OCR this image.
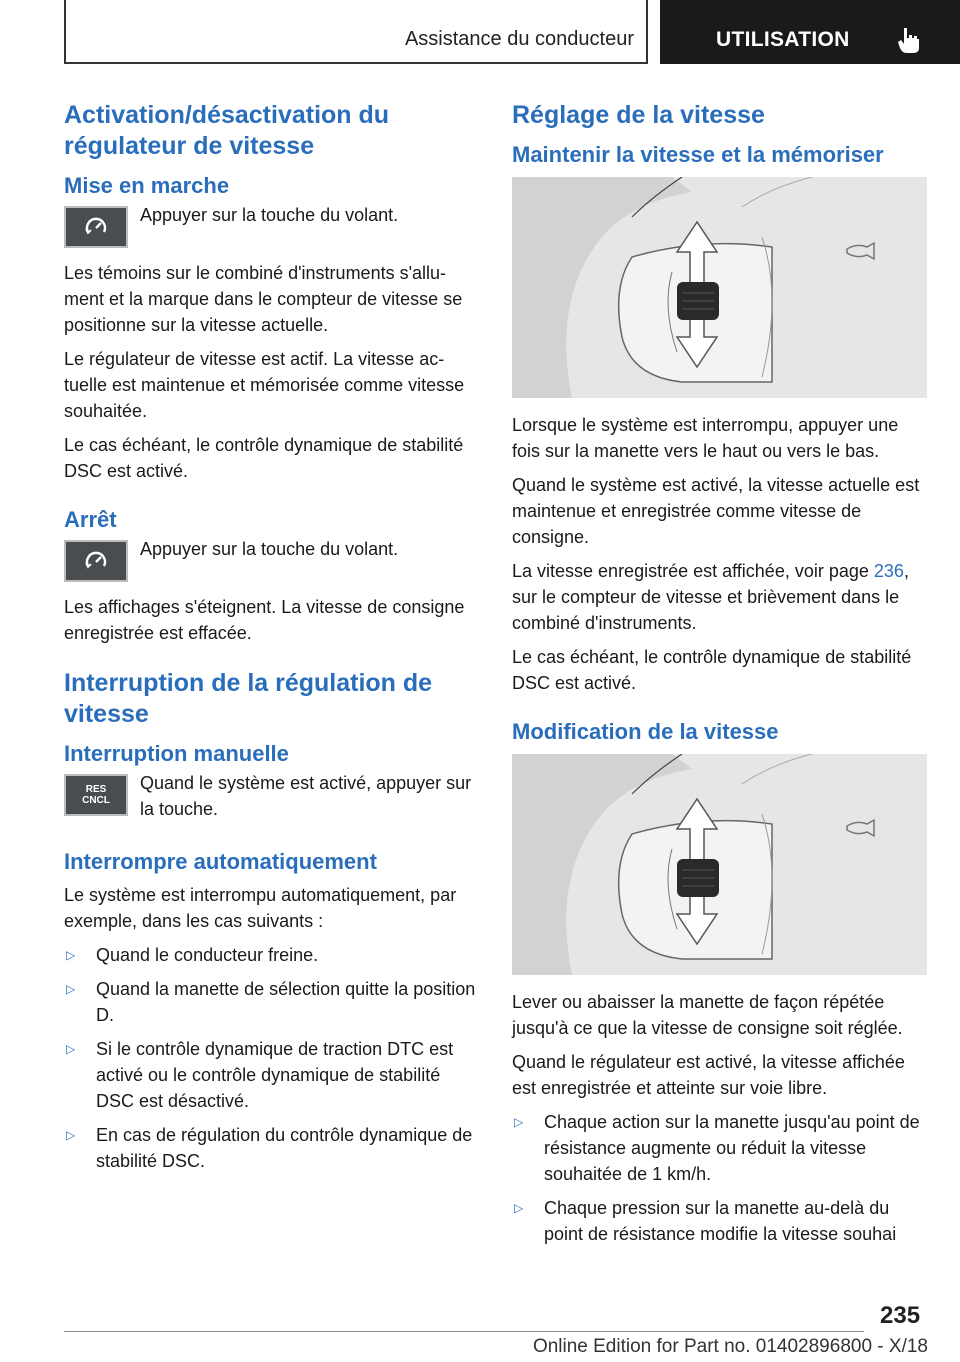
Assistance du conducteur	UTILISATION
Activation/désactivation du régulateur de vitesse
Mise en marche
Appuyer sur la touche du volant.

Les témoins sur le combiné d'instruments s'allument et la marque dans le compteur de vitesse se positionne sur la vitesse actuelle.

Le régulateur de vitesse est actif. La vitesse actuelle est maintenue et mémorisée comme vitesse souhaitée.

Le cas échéant, le contrôle dynamique de stabilité DSC est activé.

Arrêt
Appuyer sur la touche du volant.

Les affichages s'éteignent. La vitesse de consigne enregistrée est effacée.

Interruption de la régulation de vitesse
Interruption manuelle
RES
CNCL
Quand le système est activé, appuyer sur la touche.
Interrompre automatiquement

Le système est interrompu automatiquement, par exemple, dans les cas suivants :

▷	Quand le conducteur freine.
▷	Quand la manette de sélection quitte la position D.
▷	Si le contrôle dynamique de traction DTC est activé ou le contrôle dynamique de stabilité DSC est désactivé.
▷	En cas de régulation du contrôle dynamique de stabilité DSC.
Réglage de la vitesse
Maintenir la vitesse et la mémoriser

Lorsque le système est interrompu, appuyer une fois sur la manette vers le haut ou vers le bas.

Quand le système est activé, la vitesse actuelle est maintenue et enregistrée comme vitesse de consigne.

La vitesse enregistrée est affichée, voir page 236, sur le compteur de vitesse et brièvement dans le combiné d'instruments.

Le cas échéant, le contrôle dynamique de stabilité DSC est activé.

Modification de la vitesse

Lever ou abaisser la manette de façon répétée jusqu'à ce que la vitesse de consigne soit réglée.

Quand le régulateur est activé, la vitesse affichée est enregistrée et atteinte sur voie libre.

▷	Chaque action sur la manette jusqu'au point de résistance augmente ou réduit la vitesse souhaitée de 1 km/h.
▷	Chaque pression sur la manette au-delà du point de résistance modifie la vitesse souhai
235
Online Edition for Part no. 01402896800 - X/18
